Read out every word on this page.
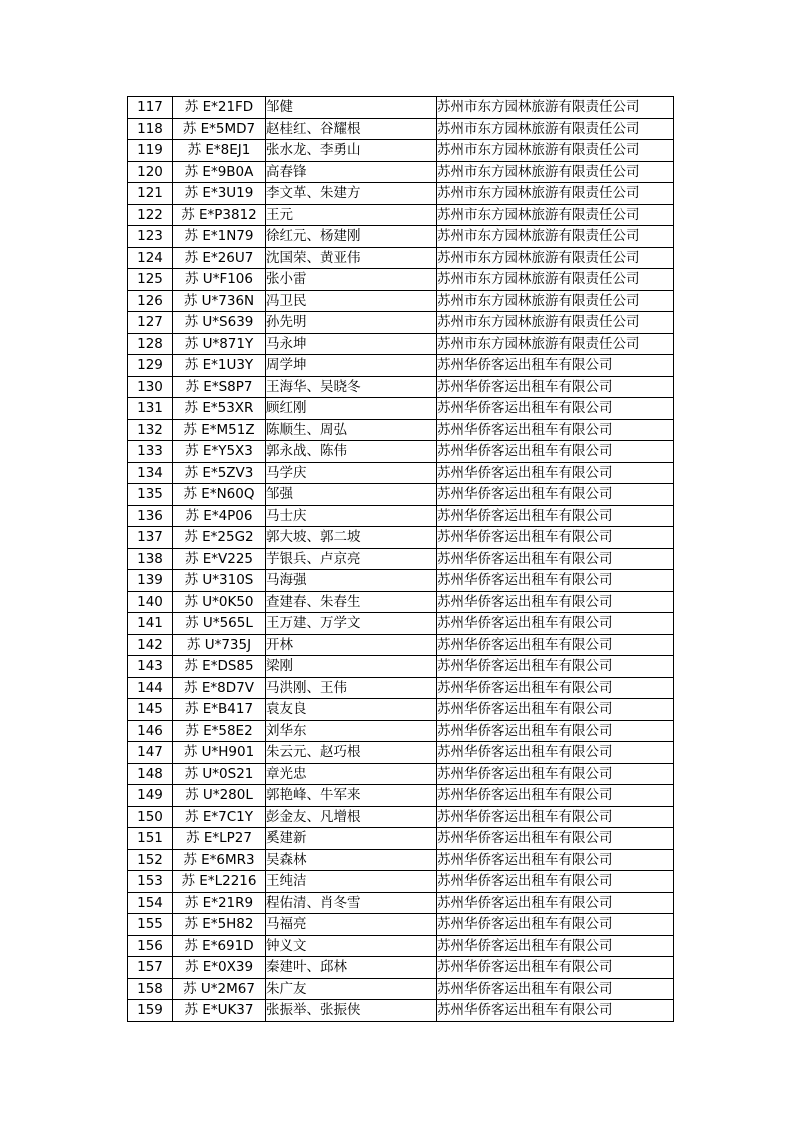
117	苏 E*21FD	邹健	苏州市东方园林旅游有限责任公司
118	苏 E*5MD7	赵桂红、谷耀根	苏州市东方园林旅游有限责任公司
119	苏 E*8EJ1	张水龙、李勇山	苏州市东方园林旅游有限责任公司
120	苏 E*9B0A	高春锋	苏州市东方园林旅游有限责任公司
121	苏 E*3U19	李文革、朱建方	苏州市东方园林旅游有限责任公司
122	苏 E*P3812	王元	苏州市东方园林旅游有限责任公司
123	苏 E*1N79	徐红元、杨建刚	苏州市东方园林旅游有限责任公司
124	苏 E*26U7	沈国荣、黄亚伟	苏州市东方园林旅游有限责任公司
125	苏 U*F106	张小雷	苏州市东方园林旅游有限责任公司
126	苏 U*736N	冯卫民	苏州市东方园林旅游有限责任公司
127	苏 U*S639	孙先明	苏州市东方园林旅游有限责任公司
128	苏 U*871Y	马永坤	苏州市东方园林旅游有限责任公司
129	苏 E*1U3Y	周学坤	苏州华侨客运出租车有限公司
130	苏 E*S8P7	王海华、吴晓冬	苏州华侨客运出租车有限公司
131	苏 E*53XR	顾红刚	苏州华侨客运出租车有限公司
132	苏 E*M51Z	陈顺生、周弘	苏州华侨客运出租车有限公司
133	苏 E*Y5X3	郭永战、陈伟	苏州华侨客运出租车有限公司
134	苏 E*5ZV3	马学庆	苏州华侨客运出租车有限公司
135	苏 E*N60Q	邹强	苏州华侨客运出租车有限公司
136	苏 E*4P06	马士庆	苏州华侨客运出租车有限公司
137	苏 E*25G2	郭大坡、郭二坡	苏州华侨客运出租车有限公司
138	苏 E*V225	芋银兵、卢京亮	苏州华侨客运出租车有限公司
139	苏 U*310S	马海强	苏州华侨客运出租车有限公司
140	苏 U*0K50	查建春、朱春生	苏州华侨客运出租车有限公司
141	苏 U*565L	王万建、万学文	苏州华侨客运出租车有限公司
142	苏 U*735J	开林	苏州华侨客运出租车有限公司
143	苏 E*DS85	梁刚	苏州华侨客运出租车有限公司
144	苏 E*8D7V	马洪刚、王伟	苏州华侨客运出租车有限公司
145	苏 E*B417	袁友良	苏州华侨客运出租车有限公司
146	苏 E*58E2	刘华东	苏州华侨客运出租车有限公司
147	苏 U*H901	朱云元、赵巧根	苏州华侨客运出租车有限公司
148	苏 U*0S21	章光忠	苏州华侨客运出租车有限公司
149	苏 U*280L	郭艳峰、牛军来	苏州华侨客运出租车有限公司
150	苏 E*7C1Y	彭金友、凡增根	苏州华侨客运出租车有限公司
151	苏 E*LP27	奚建新	苏州华侨客运出租车有限公司
152	苏 E*6MR3	吴森林	苏州华侨客运出租车有限公司
153	苏 E*L2216	王纯洁	苏州华侨客运出租车有限公司
154	苏 E*21R9	程佑清、肖冬雪	苏州华侨客运出租车有限公司
155	苏 E*5H82	马福亮	苏州华侨客运出租车有限公司
156	苏 E*691D	钟义文	苏州华侨客运出租车有限公司
157	苏 E*0X39	秦建叶、邱林	苏州华侨客运出租车有限公司
158	苏 U*2M67	朱广友	苏州华侨客运出租车有限公司
159	苏 E*UK37	张振举、张振侠	苏州华侨客运出租车有限公司
